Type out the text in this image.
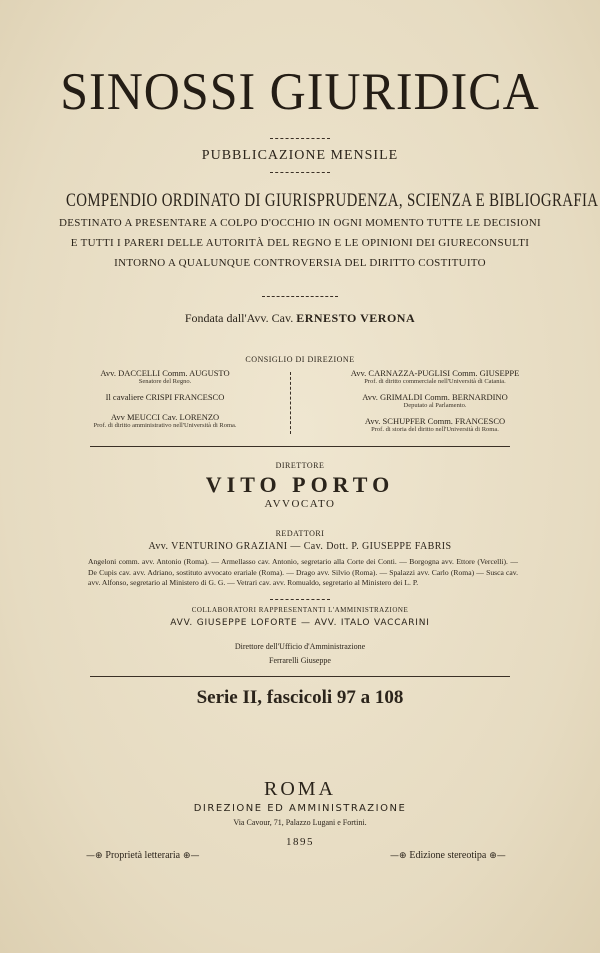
SINOSSI GIURIDICA
PUBBLICAZIONE MENSILE
COMPENDIO ORDINATO DI GIURISPRUDENZA, SCIENZA E BIBLIOGRAFIA
DESTINATO A PRESENTARE A COLPO D'OCCHIO IN OGNI MOMENTO TUTTE LE DECISIONI
E TUTTI I PARERI DELLE AUTORITÀ DEL REGNO E LE OPINIONI DEI GIURECONSULTI
INTORNO A QUALUNQUE CONTROVERSIA DEL DIRITTO COSTITUITO
Fondata dall'Avv. Cav. ERNESTO VERONA
CONSIGLIO DI DIREZIONE
Avv. DACCELLI Comm. AUGUSTO
Senatore del Regno.
Il cavaliere CRISPI FRANCESCO
Avv MEUCCI Cav. LORENZO
Prof. di diritto amministrativo nell'Università di Roma.
Avv. CARNAZZA-PUGLISI Comm. GIUSEPPE
Prof. di diritto commerciale nell'Università di Catania.
Avv. GRIMALDI Comm. BERNARDINO
Deputato al Parlamento.
Avv. SCHUPFER Comm. FRANCESCO
Prof. di storia del diritto nell'Università di Roma.
DIRETTORE
VITO PORTO
AVVOCATO
REDATTORI
Avv. VENTURINO GRAZIANI — Cav. Dott. P. GIUSEPPE FABRIS
Angeloni comm. avv. Antonio (Roma). — Armellasso cav. Antonio, segretario alla Corte dei Conti. — Borgogna avv. Ettore (Vercelli). — De Cupis cav. avv. Adriano, sostituto avvocato erariale (Roma). — Drago avv. Silvio (Roma). — Spalazzi avv. Carlo (Roma) — Susca cav. avv. Alfonso, segretario al Ministero di G. G. — Vetrari cav. avv. Romualdo, segretario al Ministero dei L. P.
COLLABORATORI RAPPRESENTANTI L'AMMINISTRAZIONE
AVV. GIUSEPPE LOFORTE — AVV. ITALO VACCARINI
Direttore dell'Ufficio d'Amministrazione
Ferrarelli Giuseppe
Serie II, fascicoli 97 a 108
ROMA
DIREZIONE ED AMMINISTRAZIONE
Via Cavour, 71, Palazzo Lugani e Fortini.
1895
—⊕ Proprietà letteraria ⊕—	—⊕ Edizione stereotipa ⊕—
